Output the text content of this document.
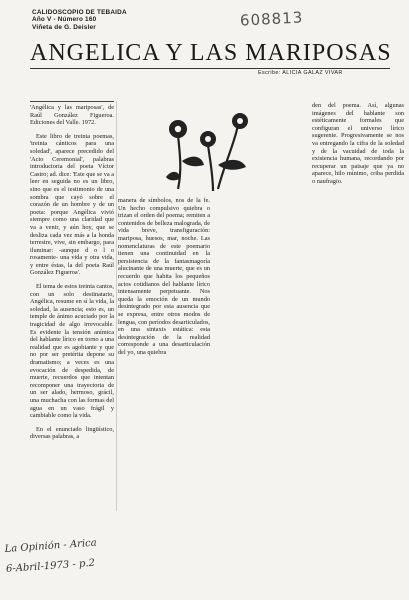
CALIDOSCOPIO DE TEBAIDA
Año V - Número 160
Viñeta de G. Deisler	608813
ANGELICA Y LAS MARIPOSAS
Escribe: ALICIA GALAZ VIVAR

'Angélica y las mariposas', de Raúl González Figueroa. Ediciones del Valle. 1972.

Este libro de treinta poemas, 'treinta cánticos para una soledad', aparece precedido del 'Acto Ceremonial', palabras introductoria del poeta Víctor Castro; ad. dice: 'Este que se va a leer en seguida no es un libro, sino que es el testimonio de una sombra que cayó sobre el corazón de un hombre y de un poeta: porque Angélica vivió siempre como una claridad que va a venir, y aún hoy, que se desliza cada vez más a la honda terrestre, vive, sin embargo, para iluminar: -aunque d o l o rosamente- una vida y otra vida, y entre éstas, la del poeta Raúl González Figueroa'.

El tema de estos treinta cantos, con un solo destinatario, Angélica, resume en sí la vida, la soledad, la ausencia; esto es, un temple de ánimo acuciado por la tragicidad de algo irrevocable. Es evidente la tensión anímica del hablante lírico en torno a una realidad que es agobiante y que no por ser pretérita depone su dramatismo; a veces es una evocación de despedida, de muerte, recuerdos que intentan recomponer una trayectoria de un ser alado, hermoso, grácil, una muchacha con las formas del agua en un vaso frágil y cambiable como la vida.

En el enunciado lingüístico, diversas palabras, a

manera de símbolos, nos de la fe. Un hecho compulsivo quiebra o trizan el orden del poema; remiten a contenidos de belleza malograda, de vida breve, transfiguración: mariposa, huesos, mar, noche. Las nomenclaturas de este poemario tienen una continuidad en la persistencia de la fantasmagoría alucinante de una muerte, que es un recuerdo que habita los pequeños actos cotidianos del hablante lírico intensamente perpetuante. Nos queda la emoción de un mundo desintegrado por esta ausencia que se expresa, entre otros modos de lengua, con períodos desarticulados, en una sintaxis estática: esta desintegración de la realidad corresponde a una desarticulación del yo, una quiebra

den del poema. Así, algunas imágenes del hablante son estéticamente formales que configuran el universo lírico sugerente. Progresivamente se nos va entregando la cifra de la soledad y de la vacuidad de toda la existencia humana, recordando por recuperar un paisaje que ya no aparece, hilo mínimo, criba perdida o naufragio.

La Opinión - Arica
6-Abril-1973 - p.2
